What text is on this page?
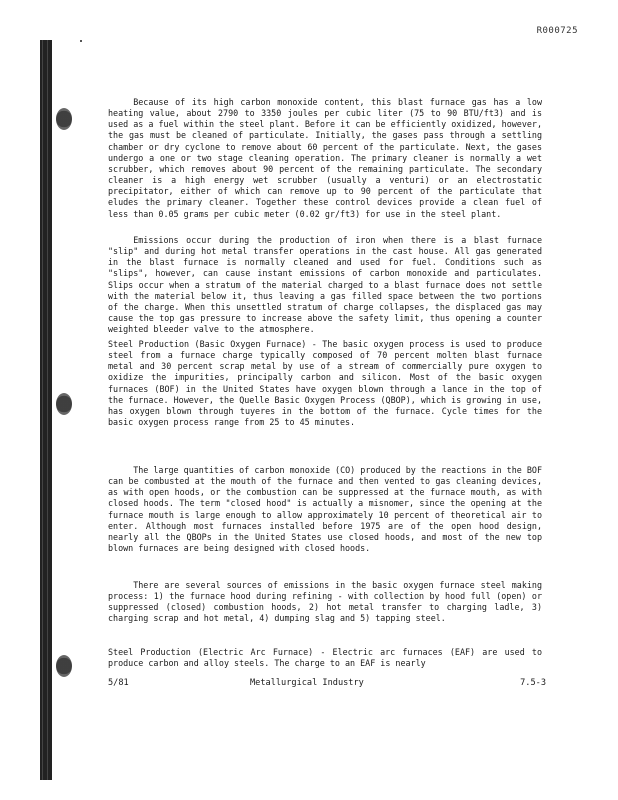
R000725

Because of its high carbon monoxide content, this blast furnace gas has a low heating value, about 2790 to 3350 joules per cubic liter (75 to 90 BTU/ft3) and is used as a fuel within the steel plant. Before it can be efficiently oxidized, however, the gas must be cleaned of particulate. Initially, the gases pass through a settling chamber or dry cyclone to remove about 60 percent of the particulate. Next, the gases undergo a one or two stage cleaning operation. The primary cleaner is normally a wet scrubber, which removes about 90 percent of the remaining particulate. The secondary cleaner is a high energy wet scrubber (usually a venturi) or an electrostatic precipitator, either of which can remove up to 90 percent of the particulate that eludes the primary cleaner. Together these control devices provide a clean fuel of less than 0.05 grams per cubic meter (0.02 gr/ft3) for use in the steel plant.

Emissions occur during the production of iron when there is a blast furnace "slip" and during hot metal transfer operations in the cast house. All gas generated in the blast furnace is normally cleaned and used for fuel. Conditions such as "slips", however, can cause instant emissions of carbon monoxide and particulates. Slips occur when a stratum of the material charged to a blast furnace does not settle with the material below it, thus leaving a gas filled space between the two portions of the charge. When this unsettled stratum of charge collapses, the displaced gas may cause the top gas pressure to increase above the safety limit, thus opening a counter weighted bleeder valve to the atmosphere.

Steel Production (Basic Oxygen Furnace) - The basic oxygen process is used to produce steel from a furnace charge typically composed of 70 percent molten blast furnace metal and 30 percent scrap metal by use of a stream of commercially pure oxygen to oxidize the impurities, principally carbon and silicon. Most of the basic oxygen furnaces (BOF) in the United States have oxygen blown through a lance in the top of the furnace. However, the Quelle Basic Oxygen Process (QBOP), which is growing in use, has oxygen blown through tuyeres in the bottom of the furnace. Cycle times for the basic oxygen process range from 25 to 45 minutes.

The large quantities of carbon monoxide (CO) produced by the reactions in the BOF can be combusted at the mouth of the furnace and then vented to gas cleaning devices, as with open hoods, or the combustion can be suppressed at the furnace mouth, as with closed hoods. The term "closed hood" is actually a misnomer, since the opening at the furnace mouth is large enough to allow approximately 10 percent of theoretical air to enter. Although most furnaces installed before 1975 are of the open hood design, nearly all the QBOPs in the United States use closed hoods, and most of the new top blown furnaces are being designed with closed hoods.

There are several sources of emissions in the basic oxygen furnace steel making process: 1) the furnace hood during refining - with collection by hood full (open) or suppressed (closed) combustion hoods, 2) hot metal transfer to charging ladle, 3) charging scrap and hot metal, 4) dumping slag and 5) tapping steel.

Steel Production (Electric Arc Furnace) - Electric arc furnaces (EAF) are used to produce carbon and alloy steels. The charge to an EAF is nearly

5/81	Metallurgical Industry	7.5-3
